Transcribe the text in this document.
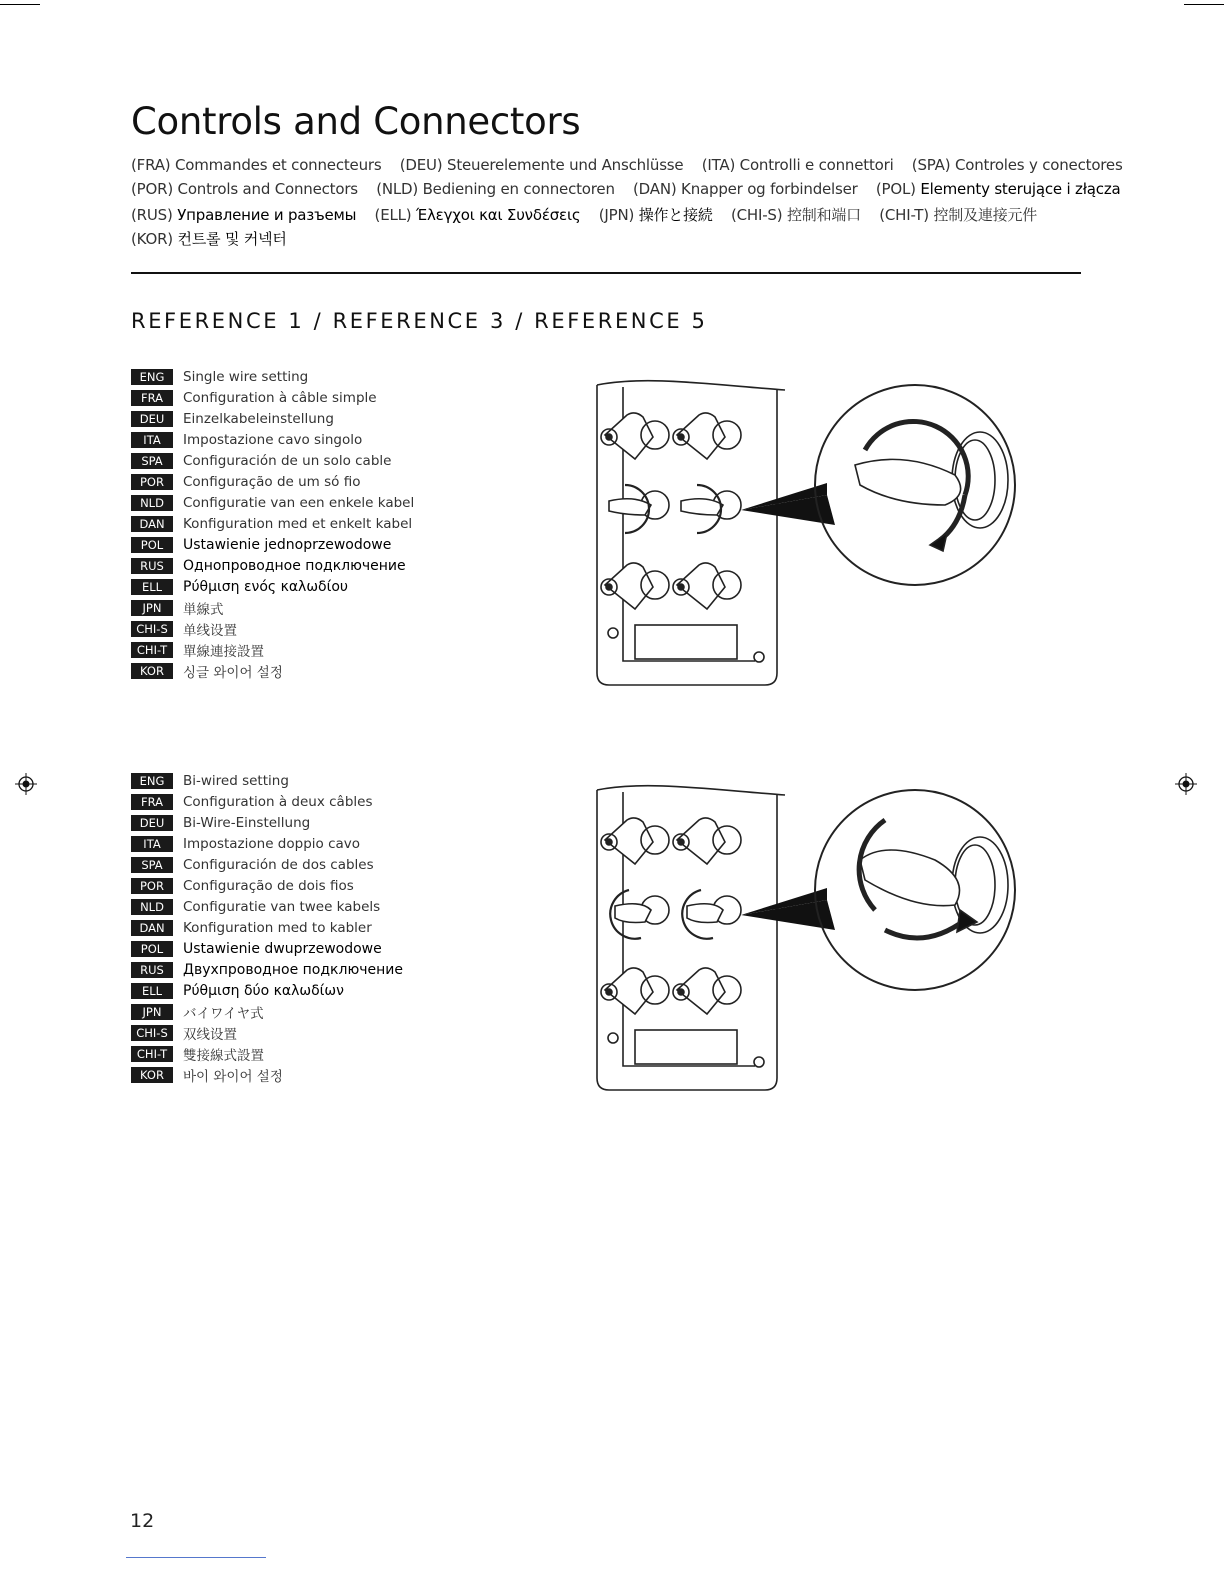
Controls and Connectors
(FRA) Commandes et connecteurs    (DEU) Steuerelemente und Anschlüsse    (ITA) Controlli e connettori    (SPA) Controles y conectores
(POR) Controls and Connectors    (NLD) Bediening en connectoren    (DAN) Knapper og forbindelser    (POL) Elementy sterujące i złącza
(RUS) Управление и разъемы    (ELL) Έλεγχοι και Συνδέσεις    (JPN) 操作と接続    (CHI-S) 控制和端口    (CHI-T) 控制及連接元件
(KOR) 컨트롤 및 커넥터
REFERENCE 1 / REFERENCE 3 / REFERENCE 5
ENG	Single wire setting
FRA	Configuration à câble simple
DEU	Einzelkabeleinstellung
ITA	Impostazione cavo singolo
SPA	Configuración de un solo cable
POR	Configuração de um só fio
NLD	Configuratie van een enkele kabel
DAN	Konfiguration med et enkelt kabel
POL	Ustawienie jednoprzewodowe
RUS	Однопроводное подключение
ELL	Ρύθμιση ενός καλωδίου
JPN	単線式
CHI-S	单线设置
CHI-T	單線連接設置
KOR	싱글 와이어 설정
ENG	Bi-wired setting
FRA	Configuration à deux câbles
DEU	Bi-Wire-Einstellung
ITA	Impostazione doppio cavo
SPA	Configuración de dos cables
POR	Configuração de dois fios
NLD	Configuratie van twee kabels
DAN	Konfiguration med to kabler
POL	Ustawienie dwuprzewodowe
RUS	Двухпроводное подключение
ELL	Ρύθμιση δύο καλωδίων
JPN	バイワイヤ式
CHI-S	双线设置
CHI-T	雙接線式設置
KOR	바이 와이어 설정
12
